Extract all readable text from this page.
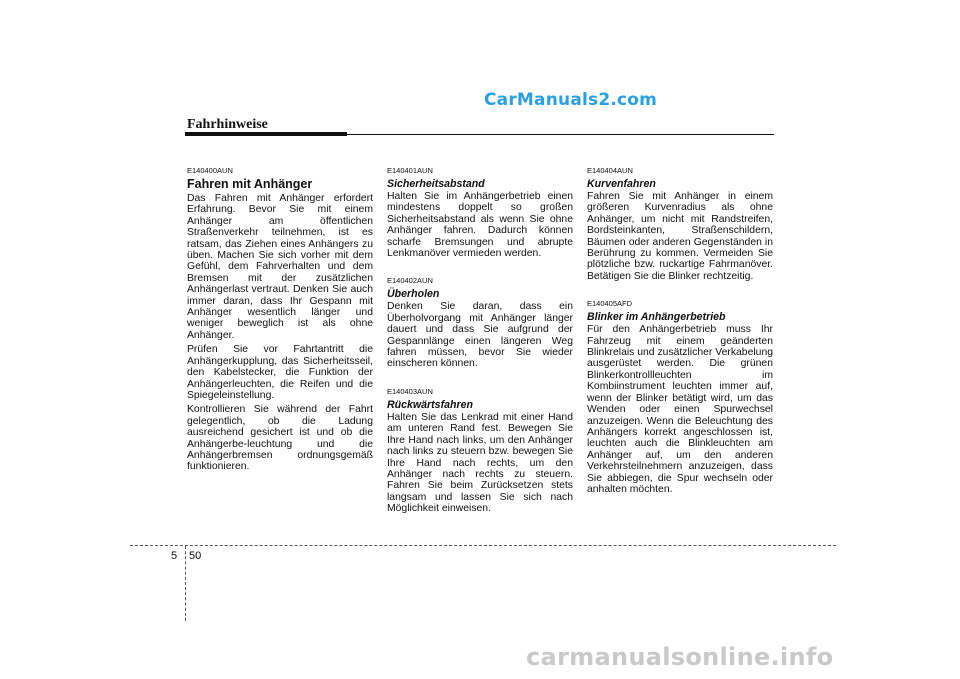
CarManuals2.com
Fahrhinweise
E140400AUN
Fahren mit Anhänger

Das Fahren mit Anhänger erfordert Erfahrung. Bevor Sie mit einem Anhänger am öffentlichen Straßenverkehr teilnehmen, ist es ratsam, das Ziehen eines Anhängers zu üben. Machen Sie sich vorher mit dem Gefühl, dem Fahrverhalten und dem Bremsen mit der zusätzlichen Anhängerlast vertraut. Denken Sie auch immer daran, dass Ihr Gespann mit Anhänger wesentlich länger und weniger beweglich ist als ohne Anhänger.

Prüfen Sie vor Fahrtantritt die Anhängerkupplung, das Sicherheitsseil, den Kabelstecker, die Funktion der Anhängerleuchten, die Reifen und die Spiegeleinstellung.

Kontrollieren Sie während der Fahrt gelegentlich, ob die Ladung ausreichend gesichert ist und ob die Anhängerbe-leuchtung und die Anhängerbremsen ordnungsgemäß funktionieren.

E140401AUN
Sicherheitsabstand

Halten Sie im Anhängerbetrieb einen mindestens doppelt so großen Sicherheitsabstand als wenn Sie ohne Anhänger fahren. Dadurch können scharfe Bremsungen und abrupte Lenkmanöver vermieden werden.

E140402AUN
Überholen

Denken Sie daran, dass ein Überholvorgang mit Anhänger länger dauert und dass Sie aufgrund der Gespannlänge einen längeren Weg fahren müssen, bevor Sie wieder einscheren können.

E140403AUN
Rückwärtsfahren

Halten Sie das Lenkrad mit einer Hand am unteren Rand fest. Bewegen Sie Ihre Hand nach links, um den Anhänger nach links zu steuern bzw. bewegen Sie Ihre Hand nach rechts, um den Anhänger nach rechts zu steuern. Fahren Sie beim Zurücksetzen stets langsam und lassen Sie sich nach Möglichkeit einweisen.

E140404AUN
Kurvenfahren

Fahren Sie mit Anhänger in einem größeren Kurvenradius als ohne Anhänger, um nicht mit Randstreifen, Bordsteinkanten, Straßenschildern, Bäumen oder anderen Gegenständen in Berührung zu kommen. Vermeiden Sie plötzliche bzw. ruckartige Fahrmanöver. Betätigen Sie die Blinker rechtzeitig.

E140405AFD
Blinker im Anhängerbetrieb

Für den Anhängerbetrieb muss Ihr Fahrzeug mit einem geänderten Blinkrelais und zusätzlicher Verkabelung ausgerüstet werden. Die grünen Blinkerkontrollleuchten im Kombiinstrument leuchten immer auf, wenn der Blinker betätigt wird, um das Wenden oder einen Spurwechsel anzuzeigen. Wenn die Beleuchtung des Anhängers korrekt angeschlossen ist, leuchten auch die Blinkleuchten am Anhänger auf, um den anderen Verkehrsteilnehmern anzuzeigen, dass Sie abbiegen, die Spur wechseln oder anhalten möchten.

5 50
carmanualsonline.info
